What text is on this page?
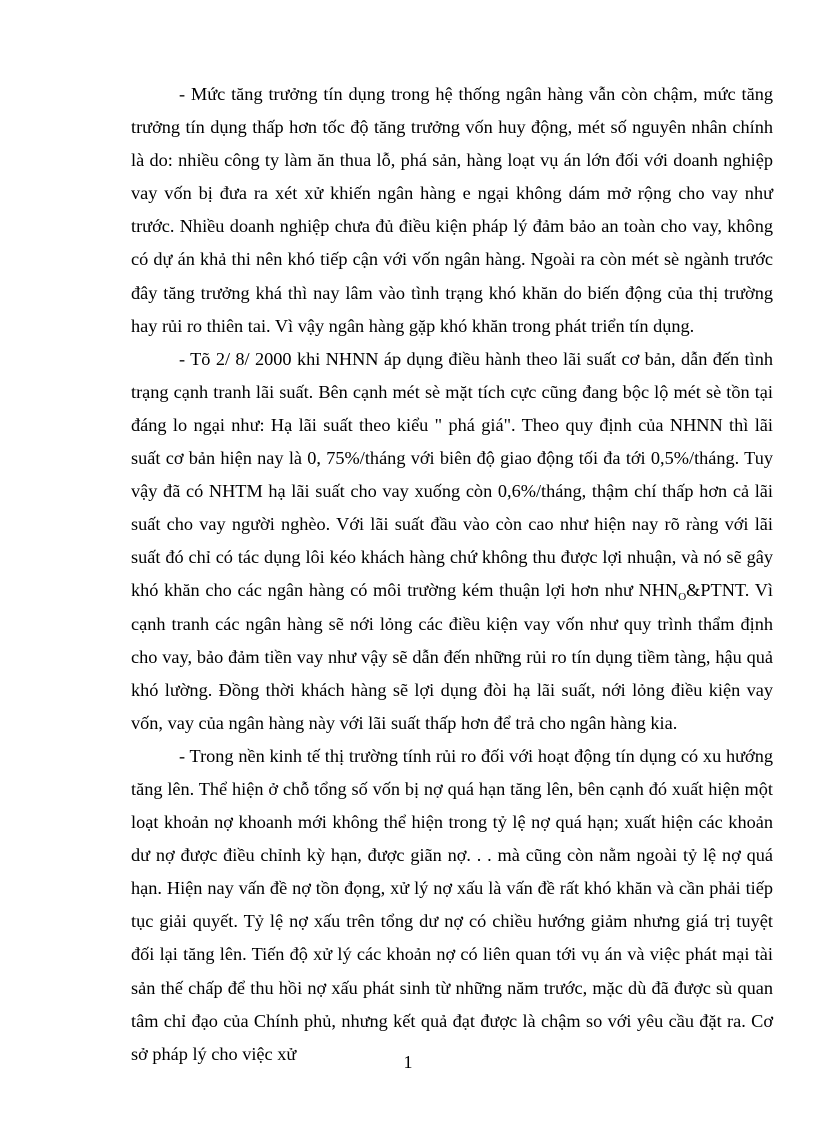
- Mức tăng trưởng tín dụng trong hệ thống ngân hàng vẫn còn chậm, mức tăng trưởng tín dụng thấp hơn tốc độ tăng trưởng vốn huy động, mét số nguyên nhân chính là do: nhiều công ty làm ăn thua lỗ, phá sản, hàng loạt vụ án lớn đối với doanh nghiệp vay vốn bị đưa ra xét xử khiến ngân hàng e ngại không dám mở rộng cho vay như trước. Nhiều doanh nghiệp chưa đủ điều kiện pháp lý đảm bảo an toàn cho vay, không có dự án khả thi nên khó tiếp cận với vốn ngân hàng. Ngoài ra còn mét sè ngành trước đây tăng trưởng khá thì nay lâm vào tình trạng khó khăn do biến động của thị trường hay rủi ro thiên tai. Vì vậy ngân hàng gặp khó khăn trong phát triển tín dụng.

- Tõ 2/ 8/ 2000 khi NHNN áp dụng điều hành theo lãi suất cơ bản, dẫn đến tình trạng cạnh tranh lãi suất. Bên cạnh mét sè mặt tích cực cũng đang bộc lộ mét sè tồn tại đáng lo ngại như: Hạ lãi suất theo kiểu " phá giá". Theo quy định của NHNN thì lãi suất cơ bản hiện nay là 0, 75%/tháng với biên độ giao động tối đa tới 0,5%/tháng. Tuy vậy đã có NHTM hạ lãi suất cho vay xuống còn 0,6%/tháng, thậm chí thấp hơn cả lãi suất cho vay người nghèo. Với lãi suất đầu vào còn cao như hiện nay rõ ràng với lãi suất đó chỉ có tác dụng lôi kéo khách hàng chứ không thu được lợi nhuận, và nó sẽ gây khó khăn cho các ngân hàng có môi trường kém thuận lợi hơn như $NHN_O\&PTNT$. Vì cạnh tranh các ngân hàng sẽ nới lỏng các điều kiện vay vốn như quy trình thẩm định cho vay, bảo đảm tiền vay như vậy sẽ dẫn đến những rủi ro tín dụng tiềm tàng, hậu quả khó lường. Đồng thời khách hàng sẽ lợi dụng đòi hạ lãi suất, nới lỏng điều kiện vay vốn, vay của ngân hàng này với lãi suất thấp hơn để trả cho ngân hàng kia.

- Trong nền kinh tế thị trường tính rủi ro đối với hoạt động tín dụng có xu hướng tăng lên. Thể hiện ở chỗ tổng số vốn bị nợ quá hạn tăng lên, bên cạnh đó xuất hiện một loạt khoản nợ khoanh mới không thể hiện trong tỷ lệ nợ quá hạn; xuất hiện các khoản dư nợ được điều chỉnh kỳ hạn, được giãn nợ. . . mà cũng còn nằm ngoài tỷ lệ nợ quá hạn. Hiện nay vấn đề nợ tồn đọng, xử lý nợ xấu là vấn đề rất khó khăn và cần phải tiếp tục giải quyết. Tỷ lệ nợ xấu trên tổng dư nợ có chiều hướng giảm nhưng giá trị tuyệt đối lại tăng lên. Tiến độ xử lý các khoản nợ có liên quan tới vụ án và việc phát mại tài sản thế chấp để thu hồi nợ xấu phát sinh từ những năm trước, mặc dù đã được sù quan tâm chỉ đạo của Chính phủ, nhưng kết quả đạt được là chậm so với yêu cầu đặt ra. Cơ sở pháp lý cho việc xử	1
